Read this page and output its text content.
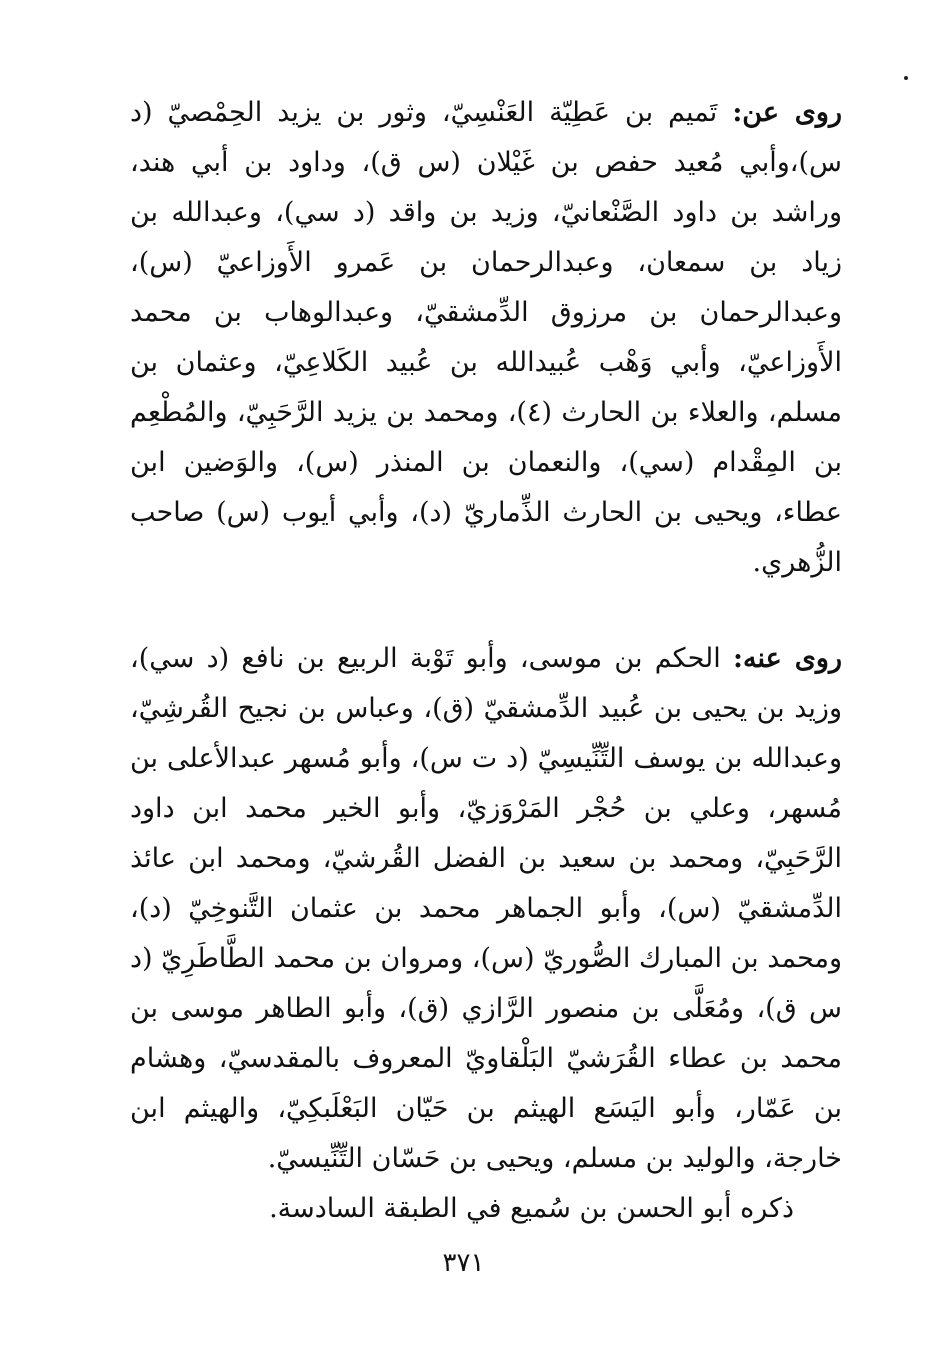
روى عن: تَميم بن عَطِيّة العَنْسِيّ، وثور بن يزيد الحِمْصيّ (د س)،وأبي مُعيد حفص بن غَيْلان (س ق)، وداود بن أبي هند، وراشد بن داود الصَّنْعانيّ، وزيد بن واقد (د سي)، وعبدالله بن زياد بن سمعان، وعبدالرحمان بن عَمرو الأَوزاعيّ (س)، وعبدالرحمان بن مرزوق الدِّمشقيّ، وعبدالوهاب بن محمد الأَوزاعيّ، وأبي وَهْب عُبيدالله بن عُبيد الكَلاعِيّ، وعثمان بن مسلم، والعلاء بن الحارث (٤)، ومحمد بن يزيد الرَّحَبِيّ، والمُطْعِم بن المِقْدام (سي)، والنعمان بن المنذر (س)، والوَضين ابن عطاء، ويحيى بن الحارث الذِّماريّ (د)، وأبي أيوب (س) صاحب الزُّهري.

روى عنه: الحكم بن موسى، وأبو تَوْبة الربيع بن نافع (د سي)، وزيد بن يحيى بن عُبيد الدِّمشقيّ (ق)، وعباس بن نجيح القُرشِيّ، وعبدالله بن يوسف التِّنِّيسِيّ (د ت س)، وأبو مُسهر عبدالأعلى بن مُسهر، وعلي بن حُجْر المَرْوَزيّ، وأبو الخير محمد ابن داود الرَّحَبِيّ، ومحمد بن سعيد بن الفضل القُرشيّ، ومحمد ابن عائذ الدِّمشقيّ (س)، وأبو الجماهر محمد بن عثمان التَّنوخِيّ (د)، ومحمد بن المبارك الصُّوريّ (س)، ومروان بن محمد الطَّاطَرِيّ (د س ق)، ومُعَلَّى بن منصور الرَّازي (ق)، وأبو الطاهر موسى بن محمد بن عطاء القُرَشيّ البَلْقاويّ المعروف بالمقدسيّ، وهشام بن عَمّار، وأبو اليَسَع الهيثم بن حَيّان البَعْلَبكِيّ، والهيثم ابن خارجة، والوليد بن مسلم، ويحيى بن حَسّان التِّنِّيسيّ.

ذكره أبو الحسن بن سُميع في الطبقة السادسة.

٣٧١
